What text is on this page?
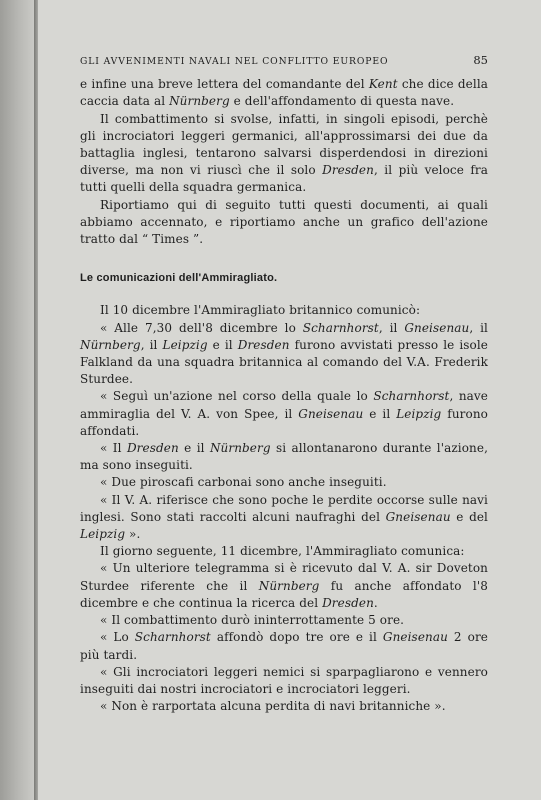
GLI AVVENIMENTI NAVALI NEL CONFLITTO EUROPEO	85

e infine una breve lettera del comandante del Kent che dice della caccia data al Nürnberg e dell'affondamento di questa nave.

Il combattimento si svolse, infatti, in singoli episodi, perchè gli incrociatori leggeri germanici, all'approssimarsi dei due da battaglia inglesi, tentarono salvarsi disperdendosi in direzioni diverse, ma non vi riuscì che il solo Dresden, il più veloce fra tutti quelli della squadra germanica.

Riportiamo qui di seguito tutti questi documenti, ai quali abbiamo accennato, e riportiamo anche un grafico dell'azione tratto dal “ Times ”.

Le comunicazioni dell'Ammiragliato.

Il 10 dicembre l'Ammiragliato britannico comunicò:

« Alle 7,30 dell'8 dicembre lo Scharnhorst, il Gneisenau, il Nürnberg, il Leipzig e il Dresden furono avvistati presso le isole Falkland da una squadra britannica al comando del V.A. Frederik Sturdee.

« Seguì un'azione nel corso della quale lo Scharnhorst, nave ammiraglia del V. A. von Spee, il Gneisenau e il Leipzig furono affondati.

« Il Dresden e il Nürnberg si allontanarono durante l'azione, ma sono inseguiti.

« Due piroscafi carbonai sono anche inseguiti.

« Il V. A. riferisce che sono poche le perdite occorse sulle navi inglesi. Sono stati raccolti alcuni naufraghi del Gneisenau e del Leipzig ».

Il giorno seguente, 11 dicembre, l'Ammiragliato comunica:

« Un ulteriore telegramma si è ricevuto dal V. A. sir Doveton Sturdee riferente che il Nürnberg fu anche affondato l'8 dicembre e che continua la ricerca del Dresden.

« Il combattimento durò ininterrottamente 5 ore.

« Lo Scharnhorst affondò dopo tre ore e il Gneisenau 2 ore più tardi.

« Gli incrociatori leggeri nemici si sparpagliarono e vennero inseguiti dai nostri incrociatori e incrociatori leggeri.

« Non è rarportata alcuna perdita di navi britanniche ».
